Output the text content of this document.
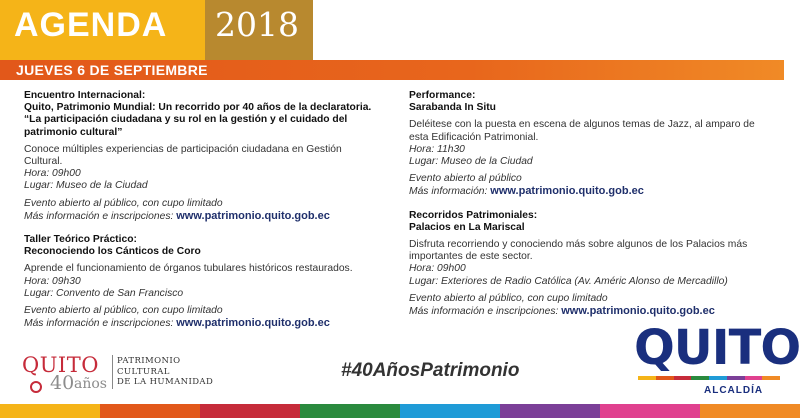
AGENDA 2018
JUEVES 6 DE SEPTIEMBRE
Encuentro Internacional:
Quito, Patrimonio Mundial: Un recorrido por 40 años de la declaratoria. “La participación ciudadana y su rol en la gestión y el cuidado del patrimonio cultural”
Conoce múltiples experiencias de participación ciudadana en Gestión Cultural.
Hora: 09h00
Lugar: Museo de la Ciudad
Evento abierto al público, con cupo limitado
Más información e inscripciones: www.patrimonio.quito.gob.ec
Taller Teórico Práctico:
Reconociendo los Cánticos de Coro
Aprende el funcionamiento de órganos tubulares históricos restaurados.
Hora: 09h30
Lugar: Convento de San Francisco
Evento abierto al público, con cupo limitado
Más información e inscripciones: www.patrimonio.quito.gob.ec
Performance:
Sarabanda In Situ
Deléitese con la puesta en escena de algunos temas de Jazz, al amparo de esta Edificación Patrimonial.
Hora: 11h30
Lugar: Museo de la Ciudad
Evento abierto al público
Más información: www.patrimonio.quito.gob.ec
Recorridos Patrimoniales:
Palacios en La Mariscal
Disfruta recorriendo y conociendo más sobre algunos de los Palacios más importantes de este sector.
Hora: 09h00
Lugar: Exteriores de Radio Católica (Av. Améric Alonso de Mercadillo)
Evento abierto al público, con cupo limitado
Más información e inscripciones: www.patrimonio.quito.gob.ec
QUITO
40 años
PATRIMONIO
CULTURAL
DE LA HUMANIDAD
#40AñosPatrimonio QUITO
ALCALDÍA
